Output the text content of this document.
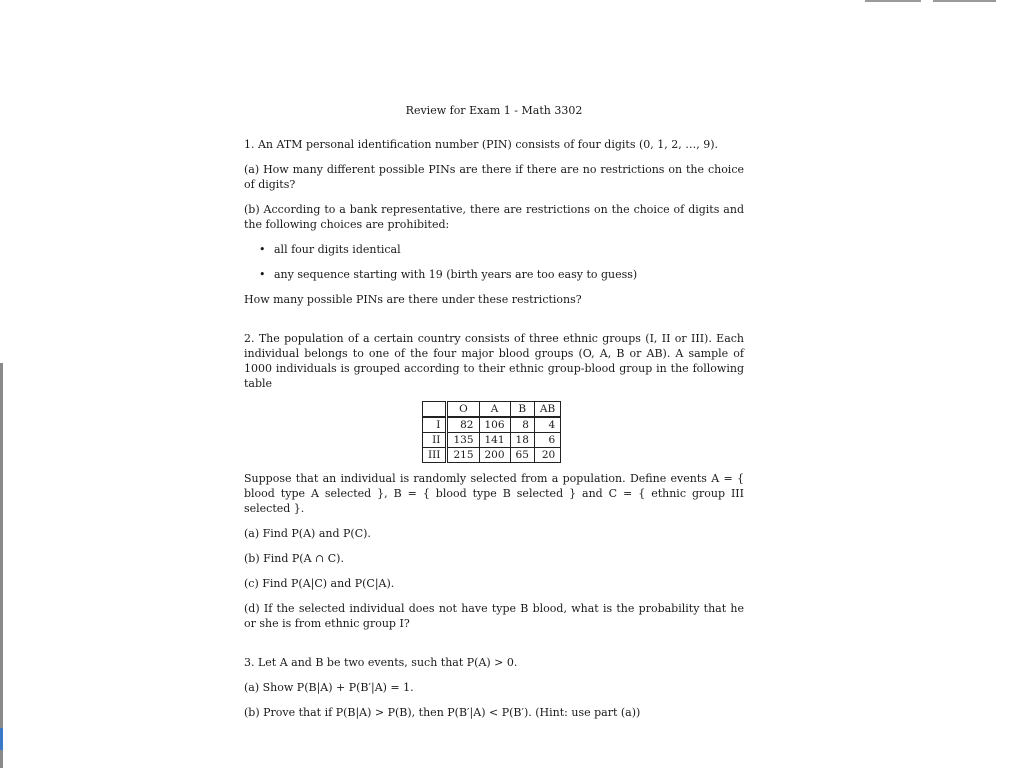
Review for Exam 1 - Math 3302

1. An ATM personal identification number (PIN) consists of four digits (0, 1, 2, …, 9).

(a) How many different possible PINs are there if there are no restrictions on the choice of digits?

(b) According to a bank representative, there are restrictions on the choice of digits and the following choices are prohibited:

• all four digits identical
• any sequence starting with 19 (birth years are too easy to guess)

How many possible PINs are there under these restrictions?

2. The population of a certain country consists of three ethnic groups (I, II or III). Each individual belongs to one of the four major blood groups (O, A, B or AB). A sample of 1000 individuals is grouped according to their ethnic group-blood group in the following table

	O	A	B	AB
I	82	106	8	4
II	135	141	18	6
III	215	200	65	20

Suppose that an individual is randomly selected from a population. Define events A = { blood type A selected }, B = { blood type B selected } and C = { ethnic group III selected }.

(a) Find P(A) and P(C).

(b) Find P(A ∩ C).

(c) Find P(A|C) and P(C|A).

(d) If the selected individual does not have type B blood, what is the probability that he or she is from ethnic group I?

3. Let A and B be two events, such that P(A) > 0.

(a) Show P(B|A) + P(B′|A) = 1.

(b) Prove that if P(B|A) > P(B), then P(B′|A) < P(B′). (Hint: use part (a))
